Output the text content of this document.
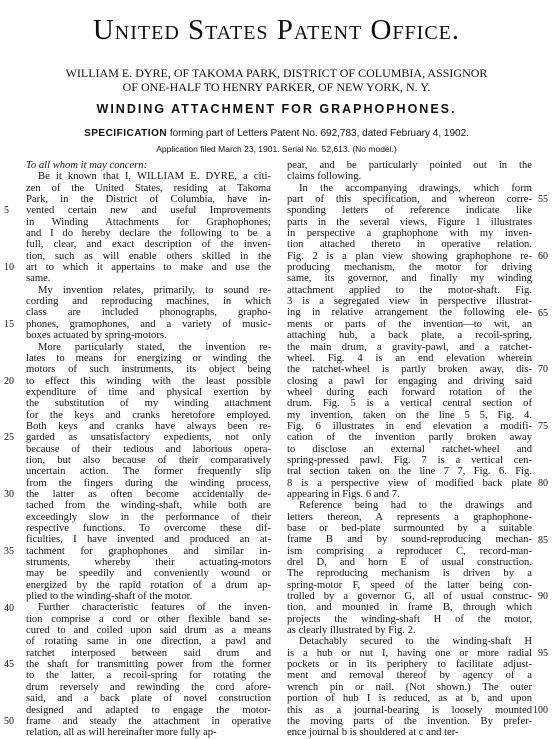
United States Patent Office.
WILLIAM E. DYRE, OF TAKOMA PARK, DISTRICT OF COLUMBIA, ASSIGNOR
OF ONE-HALF TO HENRY PARKER, OF NEW YORK, N. Y.
WINDING ATTACHMENT FOR GRAPHOPHONES.
SPECIFICATION forming part of Letters Patent No. 692,783, dated February 4, 1902.
Application filed March 23, 1901. Serial No. 52,613. (No model.)
To all whom it may concern:
Be it known that I, WILLIAM E. DYRE, a citi-
zen of the United States, residing at Takoma
Park, in the District of Columbia, have in-
vented certain new and useful Improvements
in Winding Attachments for Graphophones;
and I do hereby declare the following to be a
full, clear, and exact description of the inven-
tion, such as will enable others skilled in the
art to which it appertains to make and use the
same.
My invention relates, primarily, to sound re-
cording and reproducing machines, in which
class are included phonographs, grapho-
phones, gramophones, and a variety of music-
boxes actuated by spring-motors.
More particularly stated, the invention re-
lates to means for energizing or winding the
motors of such instruments, its object being
to effect this winding with the least possible
expenditure of time and physical exertion by
the substitution of my winding attachment
for the keys and cranks heretofore employed.
Both keys and cranks have always been re-
garded as unsatisfactory expedients, not only
because of their tedious and laborious opera-
tion, but also because of their comparatively
uncertain action. The former frequently slip
from the fingers during the winding process,
the latter as often become accidentally de-
tached from the winding-shaft, while both are
exceedingly slow in the performance of their
respective functions. To overcome these dif-
ficulties, I have invented and produced an at-
tachment for graphophones and similar in-
struments, whereby their actuating-motors
may be speedily and conveniently wound or
energized by the rapid rotation of a drum ap-
plied to the winding-shaft of the motor.
Further characteristic features of the inven-
tion comprise a cord or other flexible band se-
cured to and coiled upon said drum as a means
of rotating same in one direction, a pawl and
ratchet interposed between said drum and
the shaft for transmitting power from the former
to the latter, a recoil-spring for rotating the
drum reversely and rewinding the cord afore-
said, and a back plate of novel construction
designed and adapted to engage the motor-
frame and steady the attachment in operative
relation, all as will hereinafter more fully ap-
pear, and be particularly pointed out in the
claims following.
In the accompanying drawings, which form
part of this specification, and whereon corre-
sponding letters of reference indicate like
parts in the several views, Figure 1 illustrates
in perspective a graphophone with my inven-
tion attached thereto in operative relation.
Fig. 2 is a plan view showing graphophone re-
producing mechanism, the motor for driving
same, its governor, and finally my winding
attachment applied to the motor-shaft. Fig.
3 is a segregated view in perspective illustrat-
ing in relative arrangement the following ele-
ments or parts of the invention—to wit, an
attaching hub, a back plate, a recoil-spring,
the main drum, a gravity-pawl, and a ratchet-
wheel. Fig. 4 is an end elevation wherein
the ratchet-wheel is partly broken away, dis-
closing a pawl for engaging and driving said
wheel during each forward rotation of the
drum. Fig. 5 is a vertical central section of
my invention, taken on the line 5 5, Fig. 4.
Fig. 6 illustrates in end elevation a modifi-
cation of the invention partly broken away
to disclose an external ratchet-wheel and
spring-pressed pawl. Fig. 7 is a vertical cen-
tral section taken on the line 7 7, Fig. 6. Fig.
8 is a perspective view of modified back plate
appearing in Figs. 6 and 7.
Reference being had to the drawings and
letters thereon, A represents a graphophone-
base or bed-plate surmounted by a suitable
frame B and by sound-reproducing mechan-
ism comprising a reproducer C, record-man-
drel D, and horn E of usual construction.
The reproducing mechanism is driven by a
spring-motor F, speed of the latter being con-
trolled by a governor G, all of usual construc-
tion, and mounted in frame B, through which
projects the winding-shaft H of the motor,
as clearly illustrated by Fig. 2.
Detachably secured to the winding-shaft H
is a hub or nut I, having one or more radial
pockets or in its periphery to facilitate adjust-
ment and removal thereof by agency of a
wrench pin or nail. (Not shown.) The outer
portion of hub I is reduced, as at b, and upon
this as a journal-bearing is loosely mounted
the moving parts of the invention. By prefer-
ence journal b is shouldered at c and ter-
5
10
15
20
25
30
35
40
45
50
55
60
65
70
75
80
85
90
95
100
